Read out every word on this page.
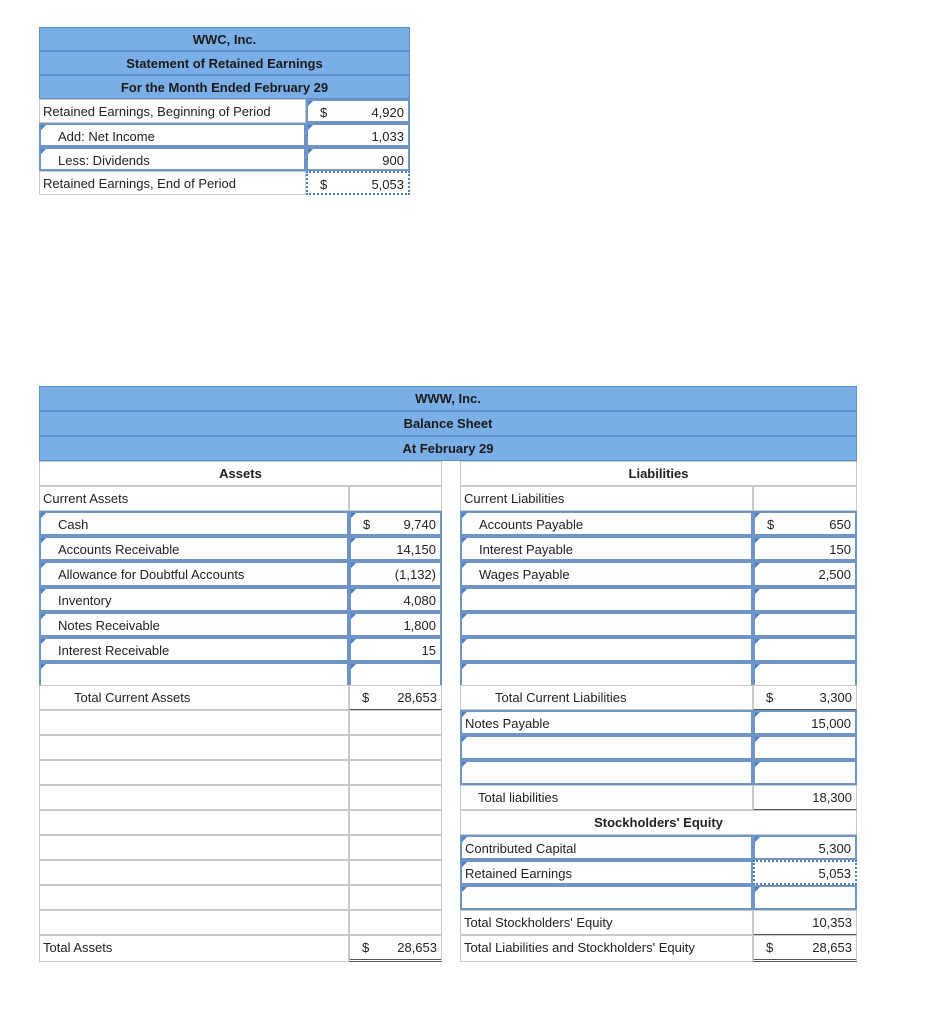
WWC, Inc.
Statement of Retained Earnings
For the Month Ended February 29
Retained Earnings, Beginning of Period	$	4,920
Add: Net Income	1,033
Less: Dividends	900
Retained Earnings, End of Period	$	5,053
WWW, Inc.
Balance Sheet
At February 29
Assets	Liabilities
Current Assets	Current Liabilities
Cash	$	9,740	Accounts Payable	$	650
Accounts Receivable	14,150	Interest Payable	150
Allowance for Doubtful Accounts	(1,132)	Wages Payable	2,500
Inventory	4,080
Notes Receivable	1,800
Interest Receivable	15
Total Current Assets	$	28,653	Total Current Liabilities	$	3,300
Notes Payable	15,000
Total liabilities	18,300
Stockholders' Equity
Contributed Capital	5,300
Retained Earnings	5,053
Total Stockholders' Equity	10,353
Total Assets	$	28,653	Total Liabilities and Stockholders' Equity	$	28,653
